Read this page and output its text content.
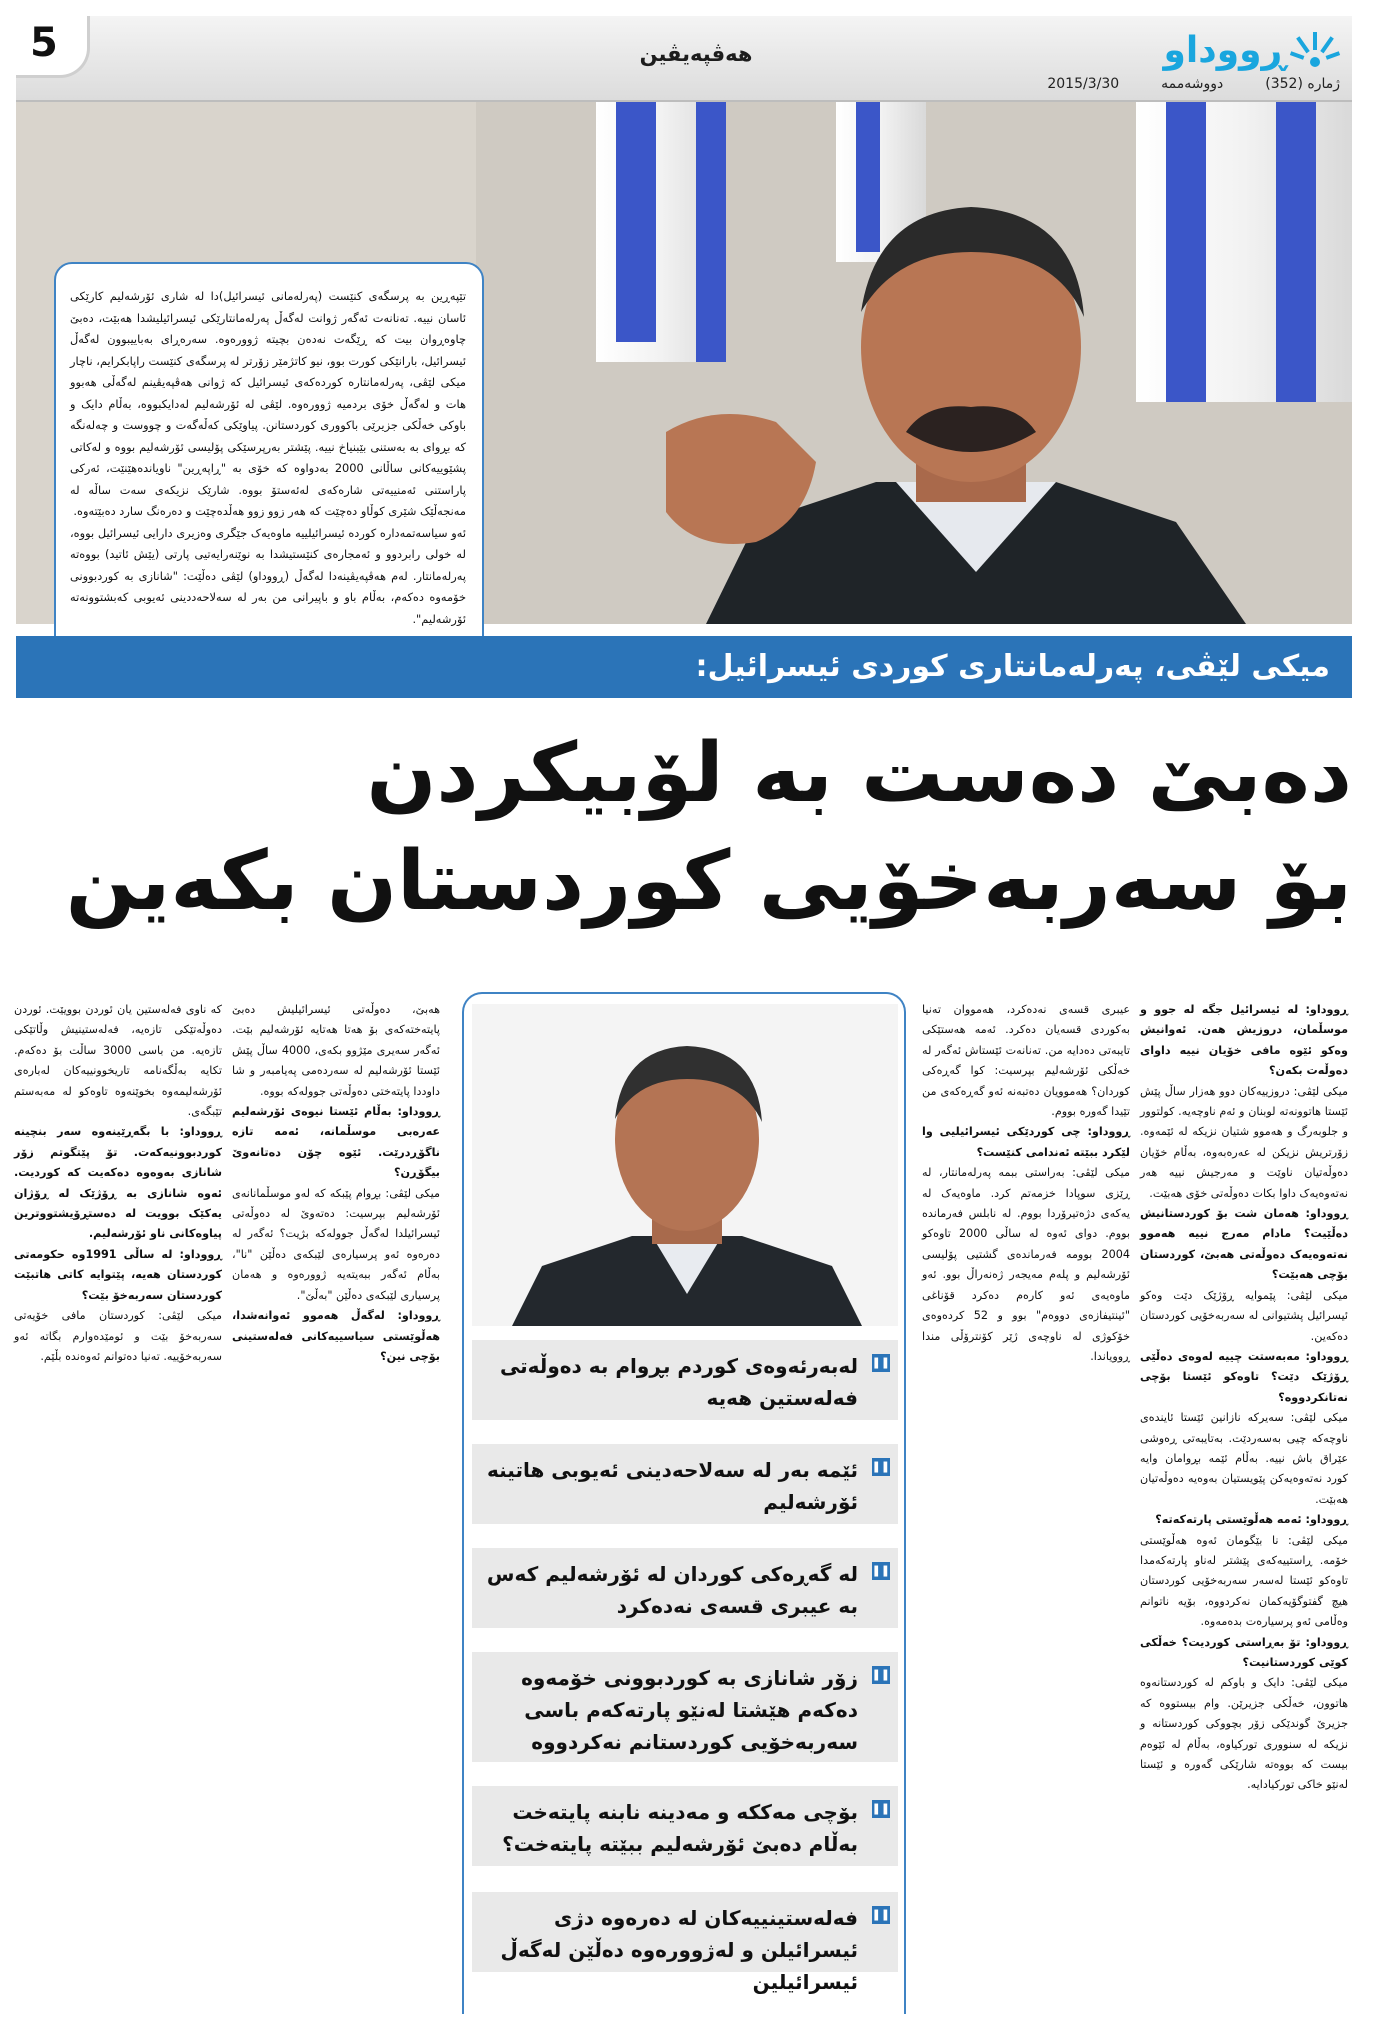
5	هەڤپەیڤین	ڕووداو
ژمارە (352)
دووشەممە
2015/3/30

تێپەڕین بە پرسگەی کنێست (پەرلەمانی ئیسرائیل)دا لە شاری ئۆرشەلیم کارێکی ئاسان نییە. تەنانەت ئەگەر ژوانت لەگەڵ پەرلەمانتارێکی ئیسرائیلیشدا هەبێت، دەبێ چاوەڕوان بیت کە ڕێگەت نەدەن بچیتە ژوورەوە. سەرەڕای بەباییبوون لەگەڵ ئیسرائیل، بارانێکی کورت بوو، نیو کاتژمێر زۆرتر لە پرسگەی کنێست راپابکرایم، ناچار میکی لێڤی، پەرلەمانتارە کوردەکەی ئیسرائیل کە ژوانی هەڤپەیڤینم لەگەڵی هەبوو هات و لەگەڵ خۆی بردمیە ژوورەوە. لێڤی لە ئۆرشەلیم لەدایکبووە، بەڵام دایک و باوکی خەڵکی جزیرێی باکووری کوردستانن. پیاوێکی کەڵەگەت و چووست و چەلەنگە کە بڕوای بە بەستنی بێبنیاخ نییە. پێشتر بەرپرسێکی پۆلیسی ئۆرشەلیم بووە و لەکاتی پشێوییەکانی ساڵانی 2000 بەدواوە کە خۆی بە "ڕاپەڕین" ناویاندەهێنێت، ئەرکی پاراستنی ئەمنییەتی شارەکەی لەئەستۆ بووە. شارێک نزیکەی سەت ساڵە لە مەنجەڵێک شێری کوڵاو دەچێت کە هەر زوو زوو هەڵدەچێت و دەرەنگ سارد دەبێتەوە.

ئەو سیاسەتمەدارە کوردە ئیسرائیلییە ماوەیەک جێگری وەزیری دارایی ئیسرائیل بووە، لە خولی رابردوو و ئەمجارەی کنێستیشدا بە نوێنەرایەتیی پارتی (یێش ئاتید) بووەتە پەرلەمانتار. لەم هەڤپەیڤینەدا لەگەڵ (ڕووداو) لێڤی دەڵێت: "شانازی بە کوردبوونی خۆمەوە دەکەم، بەڵام باو و باپیرانی من بەر لە سەلاحەددینی ئەیوبی کەبشتوونەتە ئۆرشەلیم".

میکی لێڤی، پەرلەمانتاری کوردی ئیسرائیل:
دەبێ دەست بە لۆبیکردن
بۆ سەربەخۆیی کوردستان بکەین

ڕووداو: لە ئیسرائیل جگە لە جوو و موسڵمان، دروزیش هەن. ئەوانیش وەکو ئێوە مافی خۆیان نییە داوای دەوڵەت بکەن؟

میکی لێڤی: دروزییەکان دوو هەزار ساڵ پێش ئێستا هاتوونەتە لوبنان و ئەم ناوچەیە. کولتوور و جلوبەرگ و هەموو شتیان نزیکە لە ئێمەوە. زۆرتریش نزیکن لە عەرەبەوە، بەڵام خۆیان دەوڵەتیان ناوێت و مەرجیش نییە هەر نەتەوەیەک داوا بکات دەوڵەتی خۆی هەبێت.

ڕووداو: هەمان شت بۆ کوردستانیش دەڵێیت؟ مادام مەرج نییە هەموو نەتەوەیەک دەوڵەتی هەبێ، کوردستان بۆچی هەبێت؟

میکی لێڤی: پێموایە ڕۆژێک دێت وەکو ئیسرائیل پشتیوانی لە سەربەخۆیی کوردستان دەکەین.

ڕووداو: مەبەستت چییە لەوەی دەڵێی ڕۆژێک دێت؟ تاوەکو ئێستا بۆچی نەتانکردووە؟

میکی لێڤی: سەیرکە نازانین ئێستا ئایندەی ناوچەکە چیی بەسەردێت. بەتایبەتی ڕەوشی عێراق باش نییە. بەڵام ئێمە بڕوامان وایە کورد نەتەوەیەکن پێویستیان بەوەیە دەوڵەتیان هەبێت.

ڕووداو: ئەمە هەڵوێستی پارتەکەتە؟

میکی لێڤی: نا بێگومان ئەوە هەڵوێستی خۆمە. ڕاستییەکەی پێشتر لەناو پارتەکەمدا تاوەکو ئێستا لەسەر سەربەخۆیی کوردستان هیچ گفتوگۆیەکمان نەکردووە، بۆیە ناتوانم وەڵامی ئەو پرسیارەت بدەمەوە.

ڕووداو: تۆ بەڕاستی کوردیت؟ خەڵکی کوێی کوردستانیت؟

میکی لێڤی: دایک و باوکم لە کوردستانەوە هاتوون، خەڵکی جزیرێن. وام بیستووە کە جزیرێ گوندێکی زۆر بچووکی کوردستانە و نزیکە لە سنووری تورکیاوە، بەڵام لە ئێوەم بیست کە بووەتە شارێکی گەورە و ئێستا لەنێو خاکی تورکیادایە.

عیبری قسەی نەدەکرد، هەمووان تەنیا بەکوردی قسەیان دەکرد. ئەمە هەستێکی تایبەتی دەدایە من. تەنانەت ئێستاش ئەگەر لە خەڵکی ئۆرشەلیم بپرسیت: کوا گەڕەکی کوردان؟ هەموویان دەتبەنە ئەو گەڕەکەی من تێیدا گەورە بووم.

ڕووداو: چی کوردێکی ئیسرائیلیی وا لێکرد ببێتە ئەندامی کنێست؟

میکی لێڤی: بەراستی ببمە پەرلەمانتار، لە ڕێزی سوپادا خزمەتم کرد. ماوەیەک لە یەکەی دژەتیرۆردا بووم. لە نابلس فەرماندە بووم. دوای ئەوە لە ساڵی 2000 تاوەکو 2004 بوومە فەرماندەی گشتیی پۆلیسی ئۆرشەلیم و پلەم مەیجەر ژەنەراڵ بوو. ئەو ماوەیەی ئەو کارەم دەکرد قۆناغی "ئینتیفازەی دووەم" بوو و 52 کردەوەی خۆکوژی لە ناوچەی ژێر کۆنترۆڵی مندا ڕوویاندا.

❚❚
لەبەرئەوەی کوردم بڕوام بە دەوڵەتی فەلەستین هەیە
❚❚
ئێمە بەر لە سەلاحەدینی ئەیوبی هاتینە ئۆرشەلیم
❚❚
لە گەڕەکی کوردان لە ئۆرشەلیم کەس بە عیبری قسەی نەدەکرد
❚❚
زۆر شانازی بە کوردبوونی خۆمەوە دەکەم هێشتا لەنێو پارتەکەم باسی سەربەخۆیی کوردستانم نەکردووە
❚❚
بۆچی مەککە و مەدینە نابنە پایتەخت بەڵام دەبێ ئۆرشەلیم ببێتە پایتەخت؟
❚❚
فەلەستینییەکان لە دەرەوە دژی ئیسرائیلن و لەژوورەوە دەڵێن لەگەڵ ئیسرائیلین

هەبێ، دەوڵەتی ئیسرائیلیش دەبێ پایتەختەکەی بۆ هەتا هەتایە ئۆرشەلیم بێت. ئەگەر سەیری مێژوو بکەی، 4000 ساڵ پێش ئێستا ئۆرشەلیم لە سەردەمی پەیامبەر و شا داوددا پایتەختی دەوڵەتی جوولەکە بووە.

ڕووداو: بەڵام ئێستا نیوەی ئۆرشەلیم عەرەبی موسڵمانە، ئەمە تازە ناگۆڕدرێت. ئێوە چۆن دەتانەوێ بیگۆڕن؟

میکی لێڤی: بڕوام پێبکە کە لەو موسڵمانانەی ئۆرشەلیم بپرسیت: دەتەوێ لە دەوڵەتی ئیسرائیلدا لەگەڵ جوولەکە بژیت؟ ئەگەر لە دەرەوە ئەو پرسیارەی لێبکەی دەڵێن "نا"، بەڵام ئەگەر ببەیتەیە ژوورەوە و هەمان پرسیاری لێبکەی دەڵێن "بەڵێ".

ڕووداو: لەگەڵ هەموو ئەوانەشدا، هەڵوێستی سیاسییەکانی فەلەستینی بۆچی نین؟

کە ناوی فەلەستین یان ئوردن بوویێت. ئوردن دەوڵەتێکی تازەیە، فەلەستینیش وڵاتێکی تازەیە. من باسی 3000 ساڵت بۆ دەکەم. تکایە بەڵگەنامە تاریخوونییەکان لەبارەی ئۆرشەلیمەوە بخوێنەوە تاوەکو لە مەبەستم تێبگەی.

ڕووداو: با بگەڕێینەوە سەر بنچینە کوردبوونیەکەت. تۆ پێتگوتم زۆر شانازی بەوەوە دەکەیت کە کوردیت. ئەوە شانازی بە ڕۆژێک لە ڕۆژان یەکێک بوویت لە دەستڕۆیشتووترین پیاوەکانی ناو ئۆرشەلیم.

ڕووداو: لە ساڵی 1991وە حکومەتی کوردستان هەیە، پێتوایە کاتی هاتبێت کوردستان سەربەخۆ بێت؟

میکی لێڤی: کوردستان مافی خۆیەتی سەربەخۆ بێت و ئومێدەوارم بگاتە ئەو سەربەخۆییە. تەنیا دەتوانم ئەوەندە بڵێم.
